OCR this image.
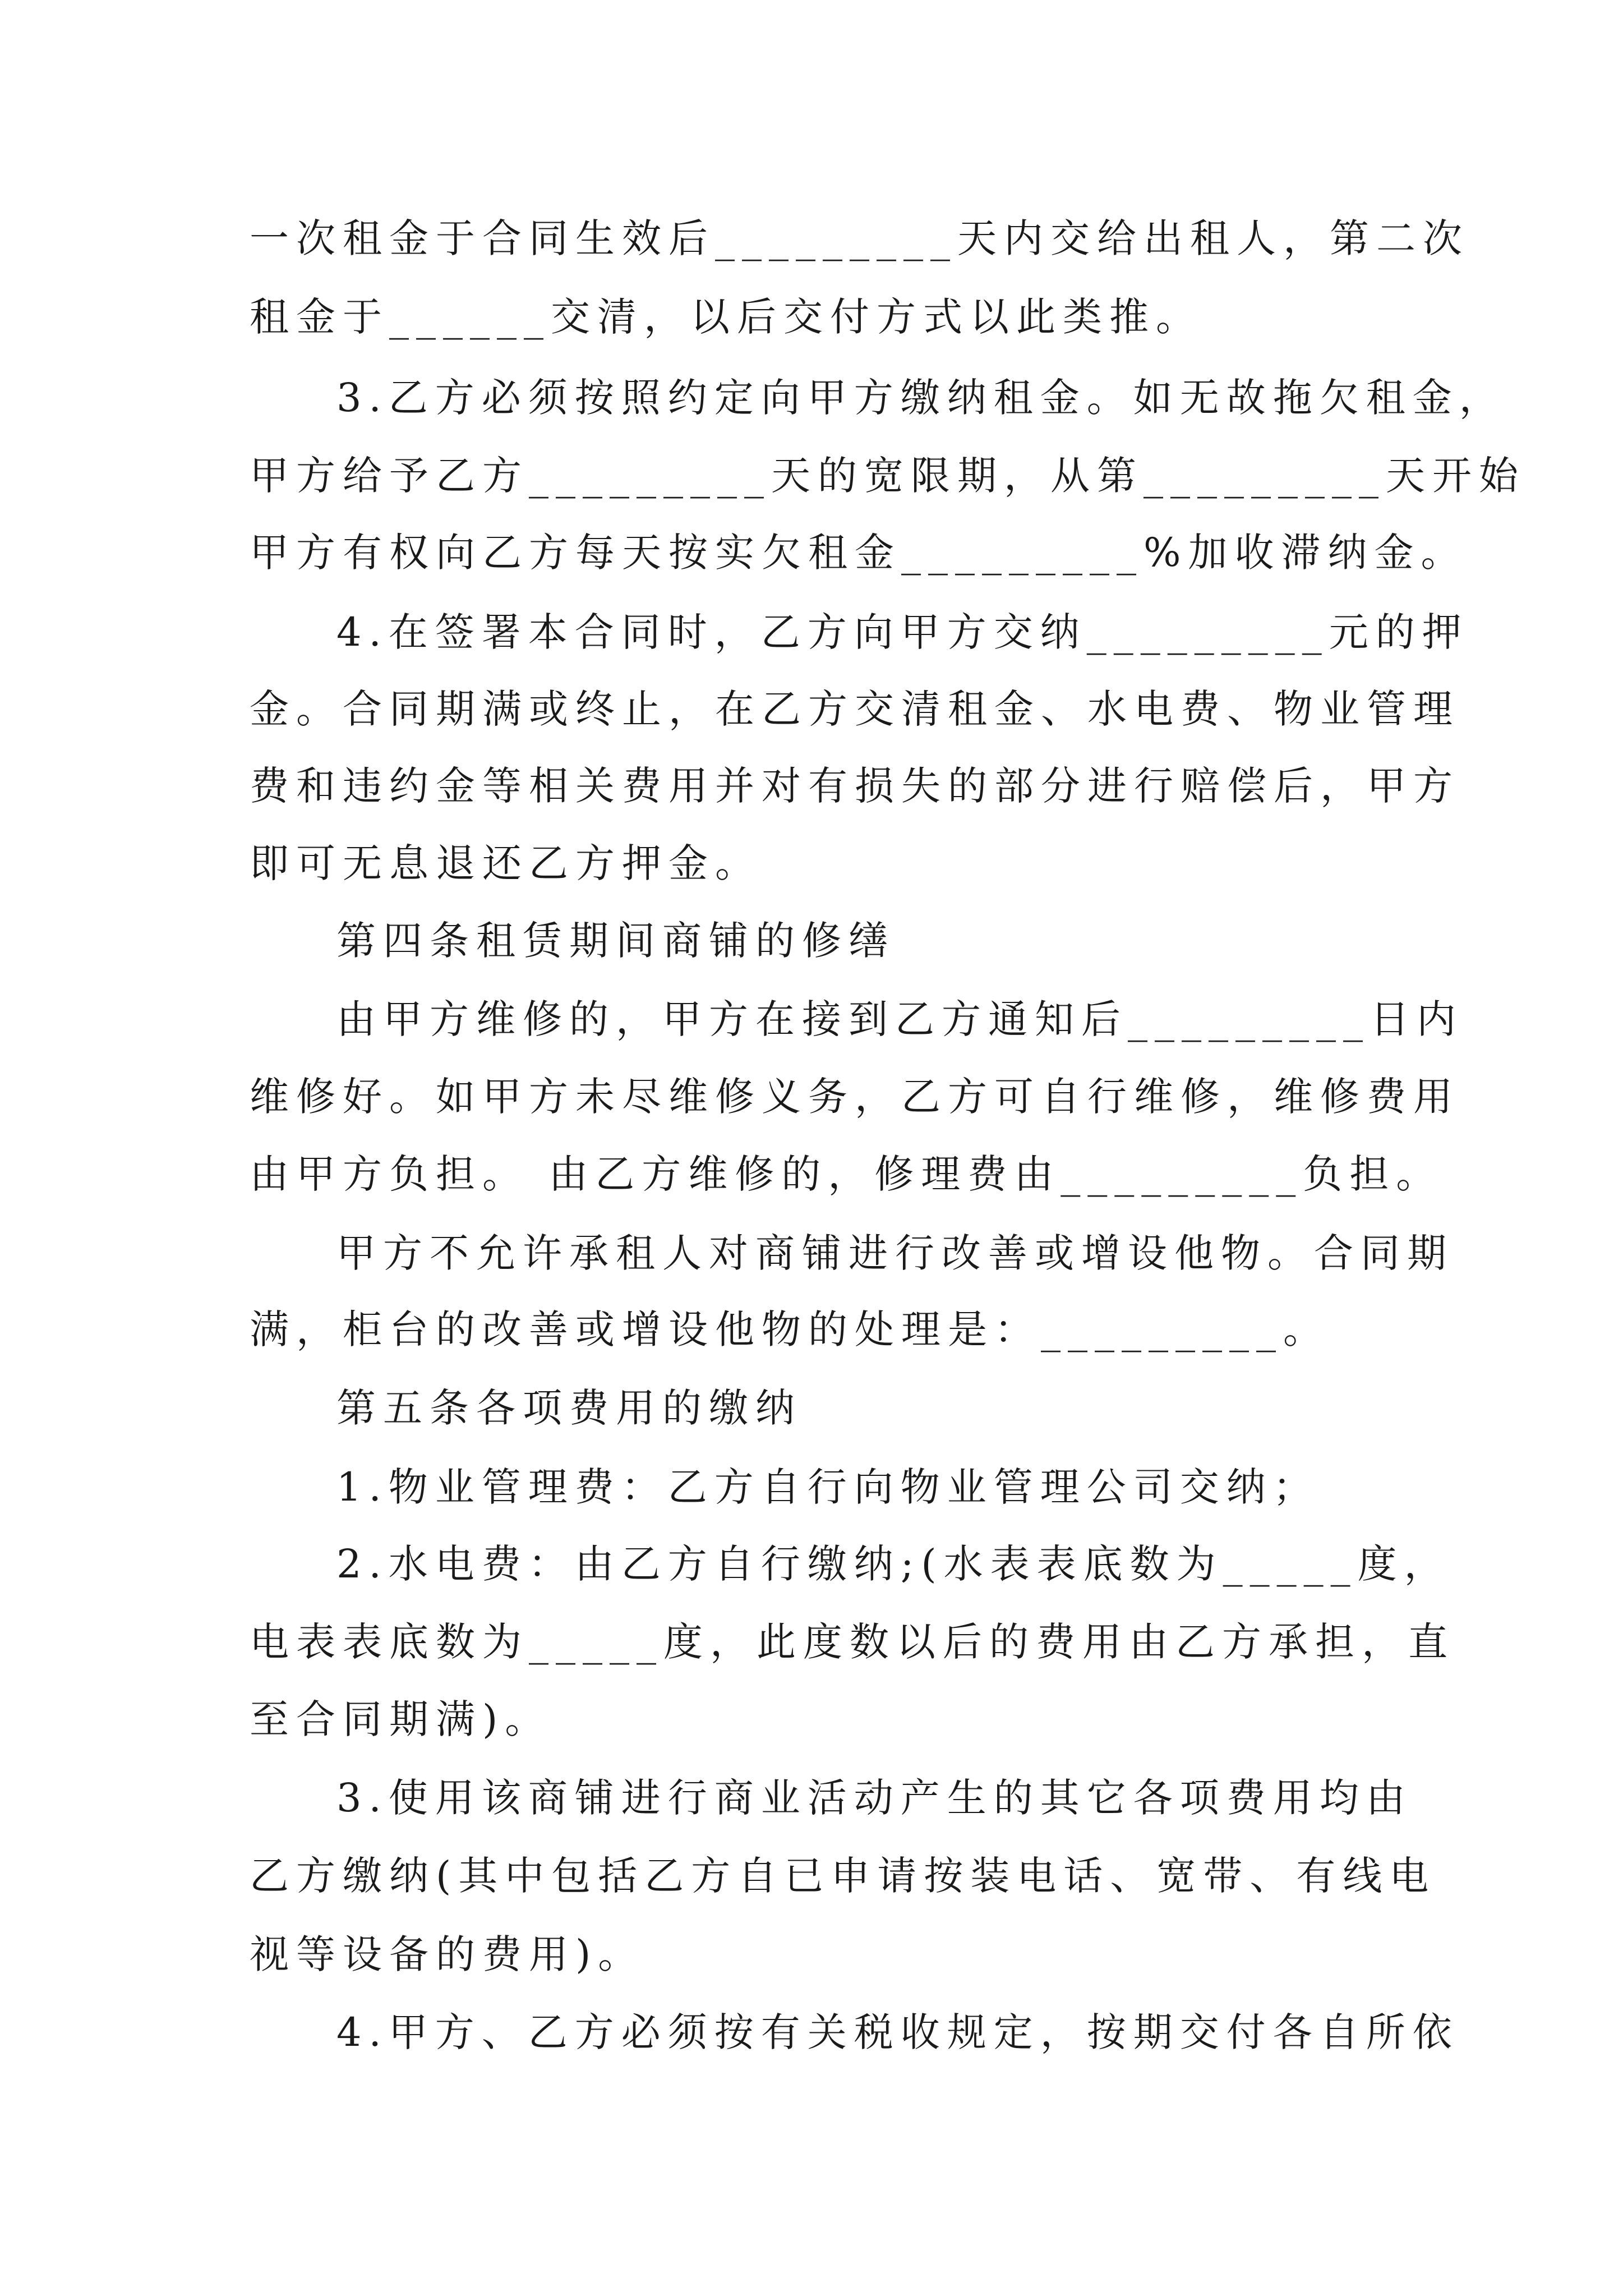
一次租金于合同生效后_________天内交给出租人，第二次
租金于______交清，以后交付方式以此类推。
3.乙方必须按照约定向甲方缴纳租金。如无故拖欠租金，
甲方给予乙方_________天的宽限期，从第_________天开始
甲方有权向乙方每天按实欠租金_________%加收滞纳金。
4.在签署本合同时，乙方向甲方交纳_________元的押
金。合同期满或终止，在乙方交清租金、水电费、物业管理
费和违约金等相关费用并对有损失的部分进行赔偿后，甲方
即可无息退还乙方押金。
第四条租赁期间商铺的修缮
由甲方维修的，甲方在接到乙方通知后_________日内
维修好。如甲方未尽维修义务，乙方可自行维修，维修费用
由甲方负担。 由乙方维修的，修理费由_________负担。
甲方不允许承租人对商铺进行改善或增设他物。合同期
满，柜台的改善或增设他物的处理是：_________。
第五条各项费用的缴纳
1.物业管理费：乙方自行向物业管理公司交纳；
2.水电费：由乙方自行缴纳;(水表表底数为_____度，
电表表底数为_____度，此度数以后的费用由乙方承担，直
至合同期满)。
3.使用该商铺进行商业活动产生的其它各项费用均由
乙方缴纳(其中包括乙方自已申请按装电话、宽带、有线电
视等设备的费用)。
4.甲方、乙方必须按有关税收规定，按期交付各自所依
